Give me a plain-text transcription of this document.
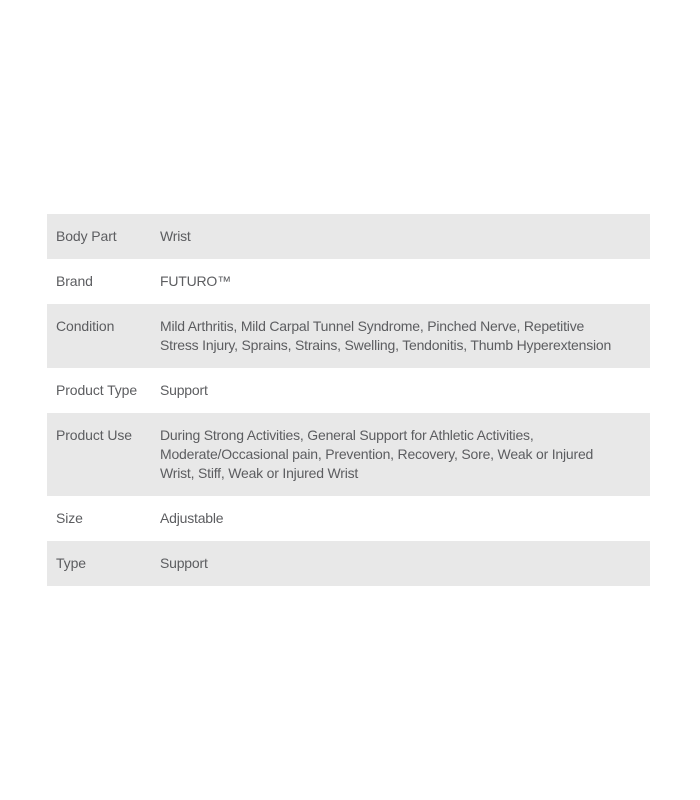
Body Part	Wrist
Brand	FUTURO™
Condition	Mild Arthritis, Mild Carpal Tunnel Syndrome, Pinched Nerve, Repetitive
Stress Injury, Sprains, Strains, Swelling, Tendonitis, Thumb Hyperextension
Product Type	Support
Product Use	During Strong Activities, General Support for Athletic Activities,
Moderate/Occasional pain, Prevention, Recovery, Sore, Weak or Injured
Wrist, Stiff, Weak or Injured Wrist
Size	Adjustable
Type	Support
